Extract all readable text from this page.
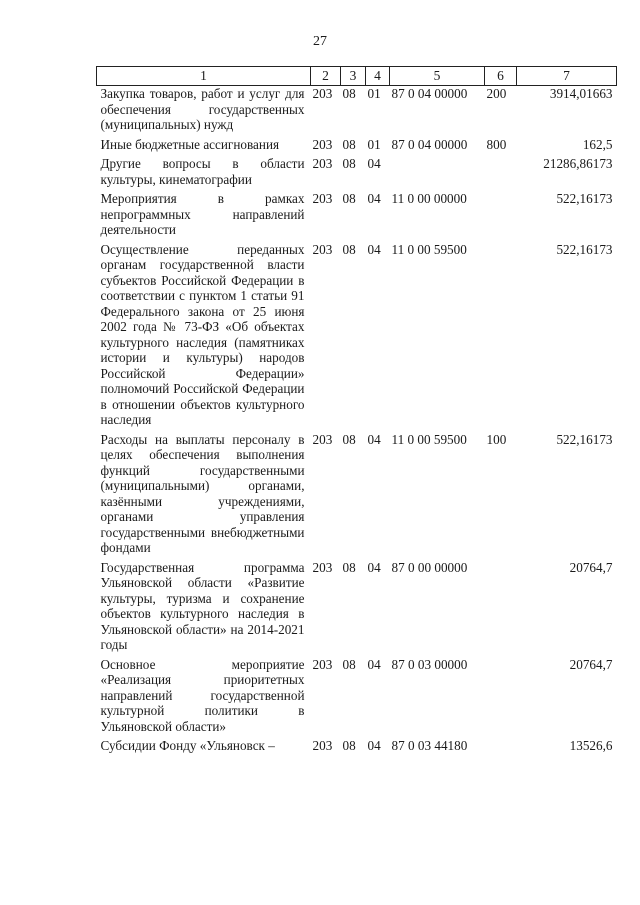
27
1	2	3	4	5	6	7
Закупка товаров, работ и услуг для обеспечения государственных (муниципальных) нужд	203	08	01	87 0 04 00000	200	3914,01663
Иные бюджетные ассигнования	203	08	01	87 0 04 00000	800	162,5
Другие вопросы в области культуры, кинематографии	203	08	04			21286,86173
Мероприятия в рамках непрограммных направлений деятельности	203	08	04	11 0 00 00000		522,16173
Осуществление переданных органам государственной власти субъектов Российской Федерации в соответствии с пунктом 1 статьи 91 Федерального закона от 25 июня 2002 года № 73-ФЗ «Об объектах культурного наследия (памятниках истории и культуры) народов Российской Федерации» полномочий Российской Федерации в отношении объектов культурного наследия	203	08	04	11 0 00 59500		522,16173
Расходы на выплаты персоналу в целях обеспечения выполнения функций государственными (муниципальными) органами, казёнными учреждениями, органами управления государственными внебюджетными фондами	203	08	04	11 0 00 59500	100	522,16173
Государственная программа Ульяновской области «Развитие культуры, туризма и сохранение объектов культурного наследия в Ульяновской области» на 2014-2021 годы	203	08	04	87 0 00 00000		20764,7
Основное мероприятие «Реализация приоритетных направлений государственной культурной политики в Ульяновской области»	203	08	04	87 0 03 00000		20764,7
Субсидии Фонду «Ульяновск –	203	08	04	87 0 03 44180		13526,6
